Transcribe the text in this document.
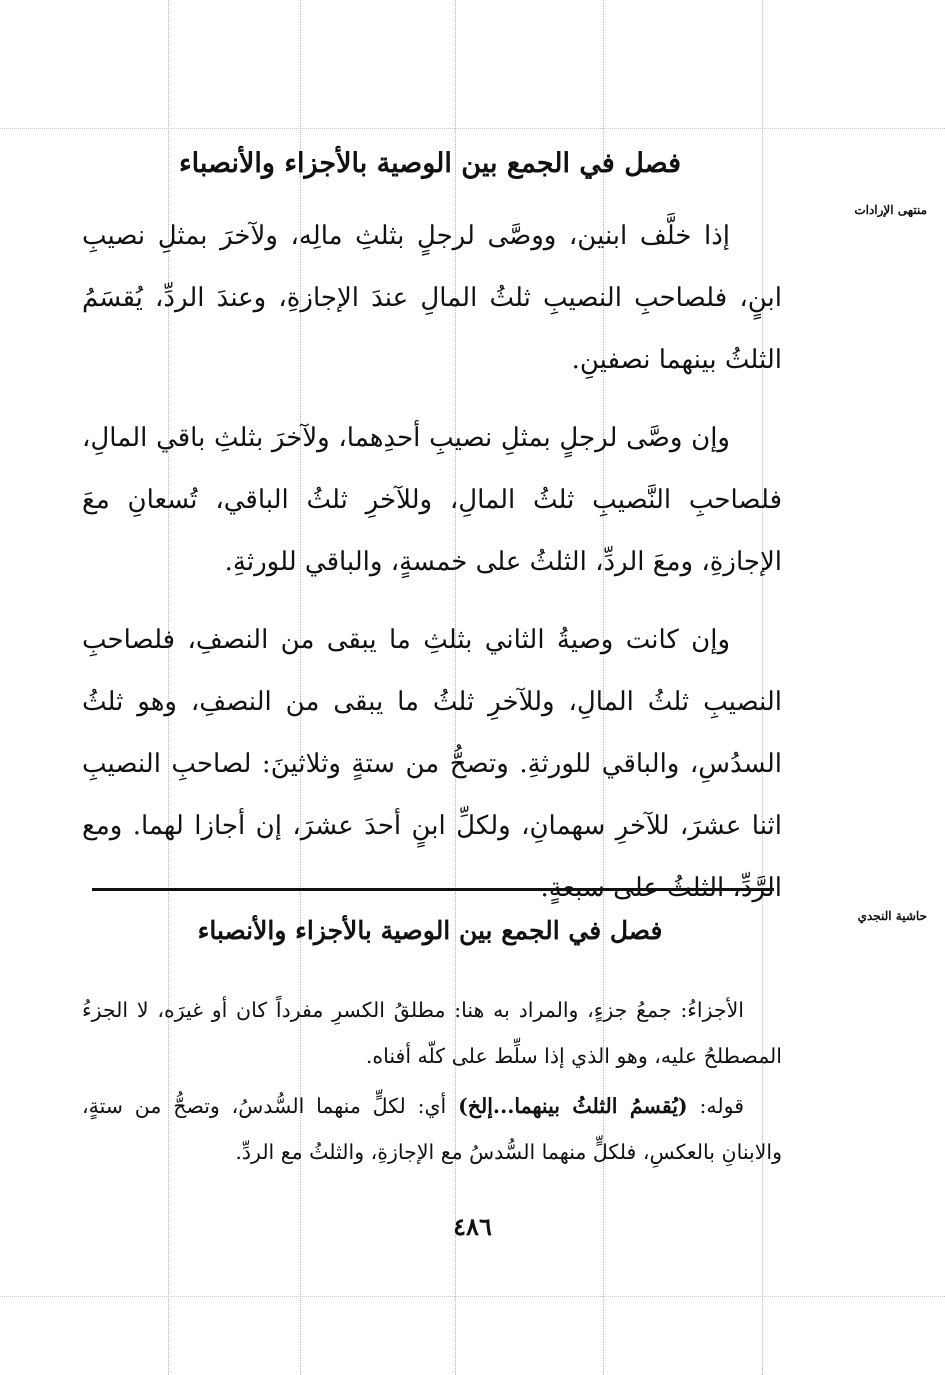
منتهى الإرادات
حاشية النجدي
فصل في الجمع بين الوصية بالأجزاء والأنصباء

إذا خلَّف ابنين، ووصَّى لرجلٍ بثلثِ مالِه، ولآخرَ بمثلِ نصيبِ ابنٍ، فلصاحبِ النصيبِ ثلثُ المالِ عندَ الإجازةِ، وعندَ الردِّ، يُقسَمُ الثلثُ بينهما نصفينِ.

وإن وصَّى لرجلٍ بمثلِ نصيبِ أحدِهما، ولآخرَ بثلثِ باقي المالِ، فلصاحبِ النَّصيبِ ثلثُ المالِ، وللآخرِ ثلثُ الباقي، تُسعانِ معَ الإجازةِ، ومعَ الردِّ، الثلثُ على خمسةٍ، والباقي للورثةِ.

وإن كانت وصيةُ الثاني بثلثِ ما يبقى من النصفِ، فلصاحبِ النصيبِ ثلثُ المالِ، وللآخرِ ثلثُ ما يبقى من النصفِ، وهو ثلثُ السدُسِ، والباقي للورثةِ. وتصحُّ من ستةٍ وثلاثينَ: لصاحبِ النصيبِ اثنا عشرَ، للآخرِ سهمانِ، ولكلِّ ابنٍ أحدَ عشرَ، إن أجازا لهما. ومع الرَّدِّ، الثلثُ على سبعةٍ.

فصل في الجمع بين الوصية بالأجزاء والأنصباء

الأجزاءُ: جمعُ جزءٍ، والمراد به هنا: مطلقُ الكسرِ مفرداً كان أو غيرَه، لا الجزءُ المصطلحُ عليه، وهو الذي إذا سلِّط على كلّه أفناه.

قوله: (يُقسمُ الثلثُ بينهما...إلخ) أي: لكلٍّ منهما السُّدسُ، وتصحُّ من ستةٍ، والابنانِ بالعكسِ، فلكلٍّ منهما السُّدسُ مع الإجازةِ، والثلثُ مع الردِّ.

٤٨٦
